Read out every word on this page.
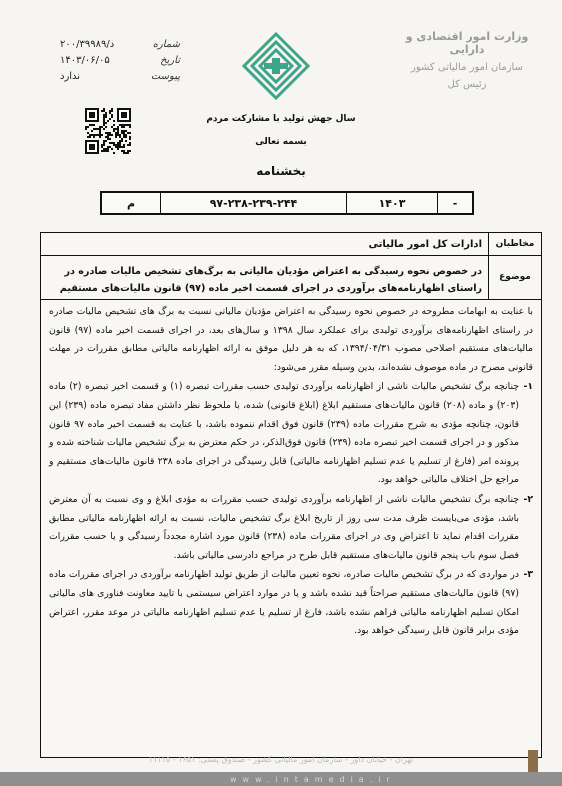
وزارت امور اقتصادی و دارایی
سازمان امور مالیاتی کشور
رئیس کل
شماره
۲۰۰/۳۹۹۸۹/د
تاریخ
۱۴۰۳/۰۶/۰۵
پیوست
ندارد
سال جهش تولید با مشارکت مردم
بسمه تعالی
بخشنامه
-
۱۴۰۳
۹۷-۲۳۸-۲۳۹-۲۴۴
م
مخاطبان
ادارات کل امور مالیاتی
موضوع
در خصوص نحوه رسیدگی به اعتراض مؤدیان مالیاتی به برگ‌های تشخیص مالیات صادره در راستای اظهارنامه‌های برآوردی در اجرای قسمت اخیر ماده (۹۷) قانون مالیات‌های مستقیم

با عنایت به ابهامات مطروحه در خصوص نحوه رسیدگی به اعتراض مؤدیان مالیاتی نسبت به برگ های تشخیص مالیات صادره در راستای اظهارنامه‌های برآوردی تولیدی برای عملکرد سال ۱۳۹۸ و سال‌های بعد، در اجرای قسمت اخیر ماده (۹۷) قانون مالیات‌های مستقیم اصلاحی مصوب ۱۳۹۴/۰۴/۳۱، که به هر دلیل موفق به ارائه اظهارنامه مالیاتی مطابق مقررات در مهلت قانونی مصرح در ماده موصوف نشده‌اند، بدین وسیله مقرر می‌شود:

۱-
چنانچه برگ تشخیص مالیات ناشی از اظهارنامه برآوردی تولیدی حسب مقررات تبصره (۱) و قسمت اخیر تبصره (۲) ماده (۲۰۳) و ماده (۲۰۸) قانون مالیات‌های مستقیم ابلاغ (ابلاغ قانونی) شده، با ملحوظ نظر داشتن مفاد تبصره ماده (۲۳۹) این قانون، چنانچه مؤدی به شرح مقررات ماده (۲۳۹) قانون فوق اقدام ننموده باشد، با عنایت به قسمت اخیر ماده ۹۷ قانون مذکور و در اجرای قسمت اخیر تبصره ماده (۲۳۹) قانون فوق‌الذکر، در حکم معترض به برگ تشخیص مالیات شناخته شده و پرونده امر (فارغ از تسلیم یا عدم تسلیم اظهارنامه مالیاتی) قابل رسیدگی در اجرای ماده ۲۳۸ قانون مالیات‌های مستقیم و مراجع حل اختلاف مالیاتی خواهد بود.
۲-
چنانچه برگ تشخیص مالیات ناشی از اظهارنامه برآوردی تولیدی حسب مقررات به مؤدی ابلاغ و وی نسبت به آن معترض باشد، مؤدی می‌بایست ظرف مدت سی روز از تاریخ ابلاغ برگ تشخیص مالیات، نسبت به ارائه اظهارنامه مالیاتی مطابق مقررات اقدام نماید تا اعتراض وی در اجرای مقررات ماده (۲۳۸) قانون مورد اشاره مجدداً رسیدگی و یا حسب مقررات فصل سوم باب پنجم قانون مالیات‌های مستقیم قابل طرح در مراجع دادرسی مالیاتی باشد.
۳-
در مواردی که در برگ تشخیص مالیات صادره، نحوه تعیین مالیات از طریق تولید اظهارنامه برآوردی در اجرای مقررات ماده (۹۷) قانون مالیات‌های مستقیم صراحتاً قید نشده باشد و یا در موارد اعتراض سیستمی با تایید معاونت فناوری های مالیاتی امکان تسلیم اظهارنامه مالیاتی فراهم نشده باشد، فارغ از تسلیم یا عدم تسلیم اظهارنامه مالیاتی در موعد مقرر، اعتراض مؤدی برابر قانون قابل رسیدگی خواهد بود.
تهران - خیابان داور - سازمان امور مالیاتی کشور - صندوق پستی: ۱۶۵۱ - ۱۱۱۱۵
www.intamedia.ir
